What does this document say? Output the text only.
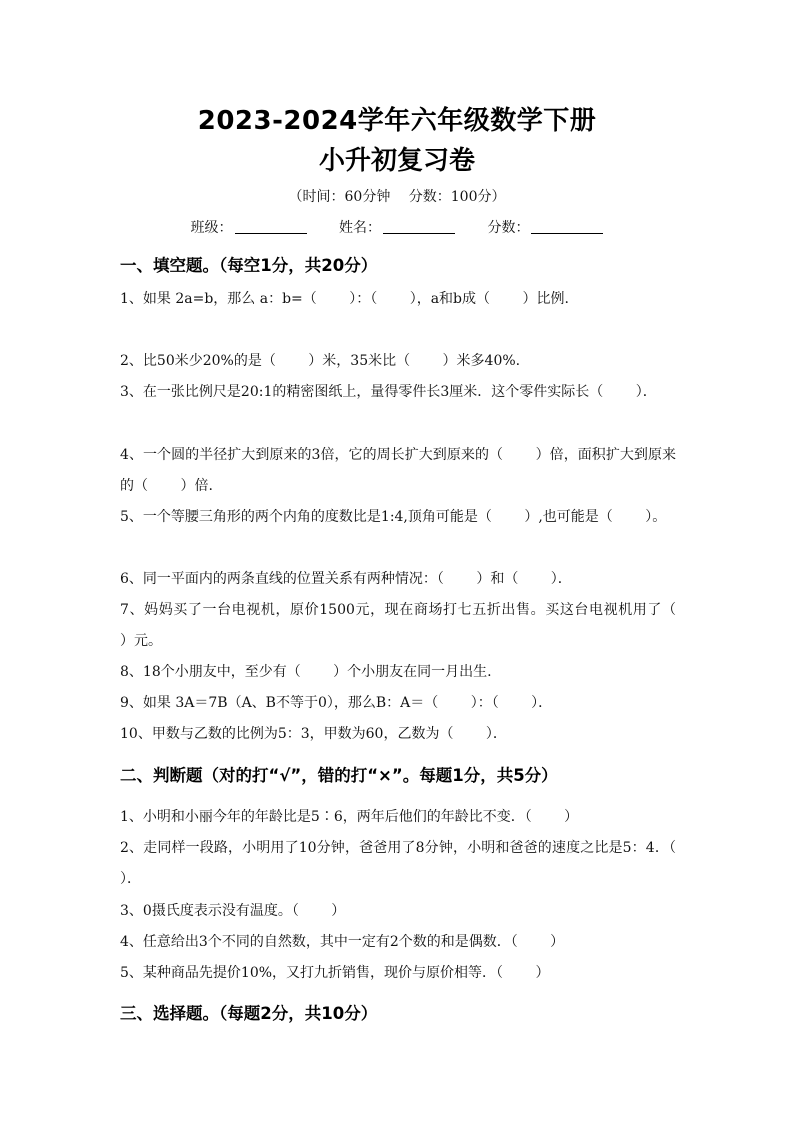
2023-2024学年六年级数学下册
小升初复习卷
（时间：60分钟　 分数：100分）
班级：	姓名：	分数：
一、填空题。（每空1分，共20分）
1、如果 2a=b，那么 a：b=（　　 ）：（　　 ），a和b成（　　 ）比例.
2、比50米少20%的是（　　 ）米，35米比（　　 ）米多40%.
3、在一张比例尺是20:1的精密图纸上，量得零件长3厘米．这个零件实际长（　　 ）．
4、一个圆的半径扩大到原来的3倍，它的周长扩大到原来的（　　 ）倍，面积扩大到原来的（　　 ）倍.
5、一个等腰三角形的两个内角的度数比是1:4,顶角可能是（　　 ）,也可能是（　　 ）。
6、同一平面内的两条直线的位置关系有两种情况：（　　 ）和（　　 ）．
7、妈妈买了一台电视机，原价1500元，现在商场打七五折出售。买这台电视机用了（　　 ）元。
8、18个小朋友中，至少有（　　 ）个小朋友在同一月出生.
9、如果 3A＝7B（A、B不等于0），那么B：A＝（　　 ）：（　　 ）．
10、甲数与乙数的比例为5：3，甲数为60，乙数为（　　 ）．
二、判断题（对的打“√”，错的打“×”。每题1分，共5分）
1、小明和小丽今年的年龄比是5∶6，两年后他们的年龄比不变．（　　 ）
2、走同样一段路，小明用了10分钟，爸爸用了8分钟，小明和爸爸的速度之比是5：4．（　　 ）．
3、0摄氏度表示没有温度。（　　 ）
4、任意给出3个不同的自然数，其中一定有2个数的和是偶数．（　　 ）
5、某种商品先提价10%，又打九折销售，现价与原价相等．（　　 ）
三、选择题。（每题2分，共10分）
